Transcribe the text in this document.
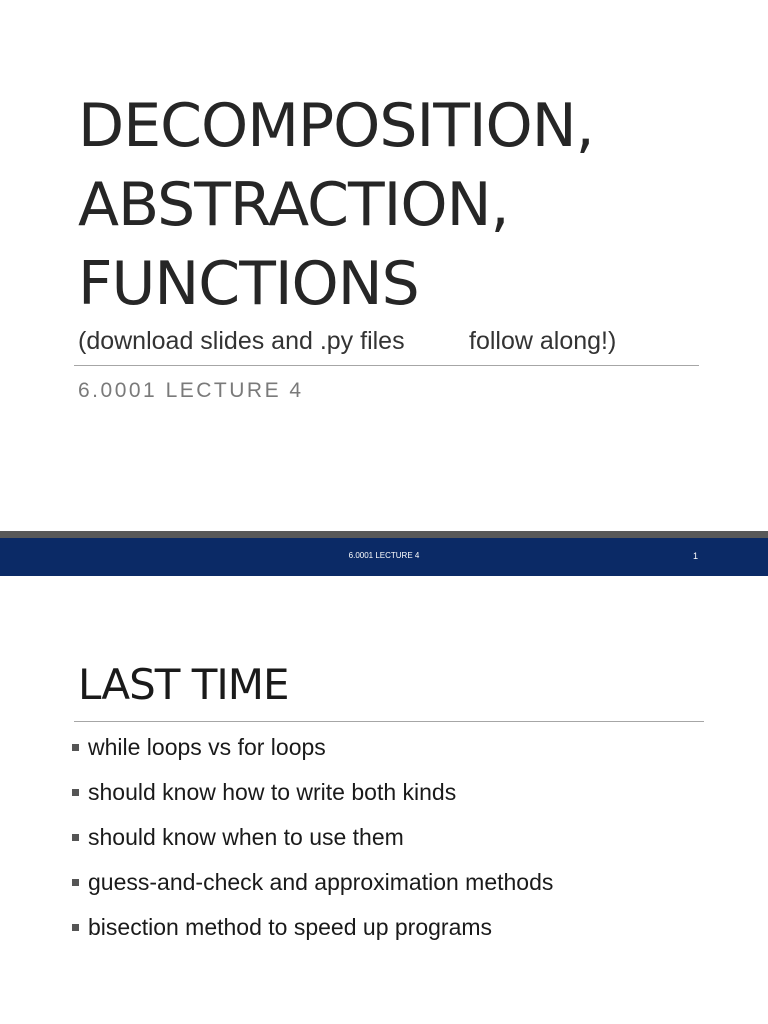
DECOMPOSITION,
ABSTRACTION,
FUNCTIONS
(download slides and .py files	follow along!)
6.0001 LECTURE 4
6.0001 LECTURE 4	1
LAST TIME
while loops vs for loops
should know how to write both kinds
should know when to use them
guess-and-check and approximation methods
bisection method to speed up programs
